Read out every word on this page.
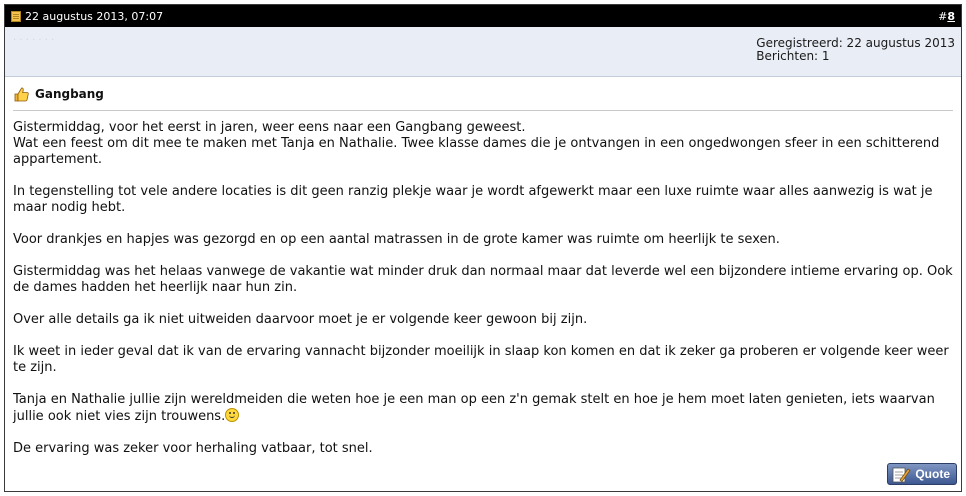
22 augustus 2013, 07:07	#8
· · · · · · ·	Geregistreerd: 22 augustus 2013
Berichten: 1
Gangbang

Gistermiddag, voor het eerst in jaren, weer eens naar een Gangbang geweest.
Wat een feest om dit mee te maken met Tanja en Nathalie. Twee klasse dames die je ontvangen in een ongedwongen sfeer in een schitterend appartement.

In tegenstelling tot vele andere locaties is dit geen ranzig plekje waar je wordt afgewerkt maar een luxe ruimte waar alles aanwezig is wat je maar nodig hebt.

Voor drankjes en hapjes was gezorgd en op een aantal matrassen in de grote kamer was ruimte om heerlijk te sexen.

Gistermiddag was het helaas vanwege de vakantie wat minder druk dan normaal maar dat leverde wel een bijzondere intieme ervaring op. Ook de dames hadden het heerlijk naar hun zin.

Over alle details ga ik niet uitweiden daarvoor moet je er volgende keer gewoon bij zijn.

Ik weet in ieder geval dat ik van de ervaring vannacht bijzonder moeilijk in slaap kon komen en dat ik zeker ga proberen er volgende keer weer te zijn.

Tanja en Nathalie jullie zijn wereldmeiden die weten hoe je een man op een z'n gemak stelt en hoe je hem moet laten genieten, iets waarvan jullie ook niet vies zijn trouwens.

De ervaring was zeker voor herhaling vatbaar, tot snel.

Quote
